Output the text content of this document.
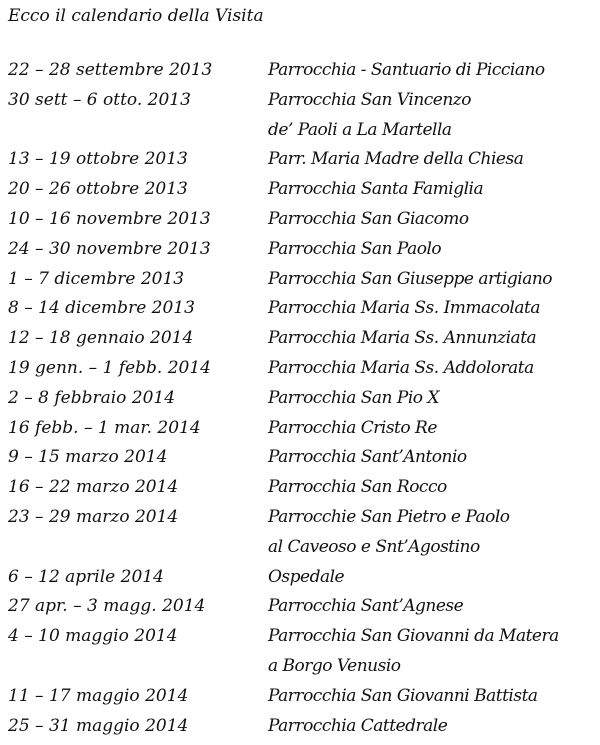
Ecco il calendario della Visita
22 – 28 settembre 2013	Parrocchia - Santuario di Picciano
30 sett – 6 otto. 2013	Parrocchia San Vincenzo
de’ Paoli a La Martella
13 – 19 ottobre 2013	Parr. Maria Madre della Chiesa
20 – 26 ottobre 2013	Parrocchia Santa Famiglia
10 – 16 novembre 2013	Parrocchia San Giacomo
24 – 30 novembre 2013	Parrocchia San Paolo
1 – 7 dicembre 2013	Parrocchia San Giuseppe artigiano
8 – 14 dicembre 2013	Parrocchia Maria Ss. Immacolata
12 – 18 gennaio 2014	Parrocchia Maria Ss. Annunziata
19 genn. – 1 febb. 2014	Parrocchia Maria Ss. Addolorata
2 – 8 febbraio 2014	Parrocchia San Pio X
16 febb. – 1 mar. 2014	Parrocchia Cristo Re
9 – 15 marzo 2014	Parrocchia Sant’Antonio
16 – 22 marzo 2014	Parrocchia San Rocco
23 – 29 marzo 2014	Parrocchie San Pietro e Paolo
al Caveoso e Snt’Agostino
6 – 12 aprile 2014	Ospedale
27 apr. – 3 magg. 2014	Parrocchia Sant’Agnese
4 – 10 maggio 2014	Parrocchia San Giovanni da Matera
a Borgo Venusio
11 – 17 maggio 2014	Parrocchia San Giovanni Battista
25 – 31 maggio 2014	Parrocchia Cattedrale
